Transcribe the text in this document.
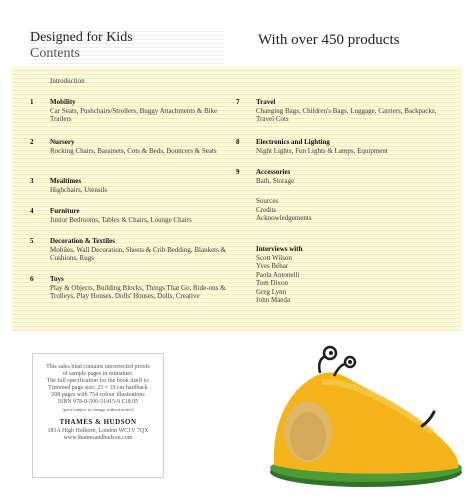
Designed for Kids
Contents
With over 450 products
Introduction
1 Mobility
Car Seats, Pushchairs/Strollers, Buggy Attachments & Bike Trailers
2 Nursery
Rocking Chairs, Bassinets, Cots & Beds, Bouncers & Seats
3 Mealtimes
Highchairs, Utensils
4 Furniture
Junior Bedrooms, Tables & Chairs, Lounge Chairs
5 Decoration & Textiles
Mobiles, Wall Decoration, Sheets & Crib Bedding, Blankets & Cushions, Rugs
6 Toys
Play & Objects, Building Blocks, Things That Go, Ride-ons & Trolleys, Play Houses, Dolls' Houses, Dolls, Creative
7 Travel
Changing Bags, Children's Bags, Luggage, Carriers, Backpacks, Travel Cots
8 Electronics and Lighting
Night Lights, Fun Lights & Lamps, Equipment
9 Accessories
Bath, Storage
Sources
Credits
Acknowledgements
Interviews with
Scott Wilson
Yves Béhar
Paola Antonelli
Tom Dixon
Greg Lynn
John Maeda

This sales blad contains uncorrected proofs

of sample pages in miniature.

The full specification for the book itself is:

Trimmed page size: 23 × 19 cm hardback

208 pages with 754 colour illustrations

ISBN 978-0-500-51415-9 £18.95

(price subject to change without notice)

THAMES & HUDSON

181A High Holborn, London WC1V 7QX

www.thamesandhudson.com
